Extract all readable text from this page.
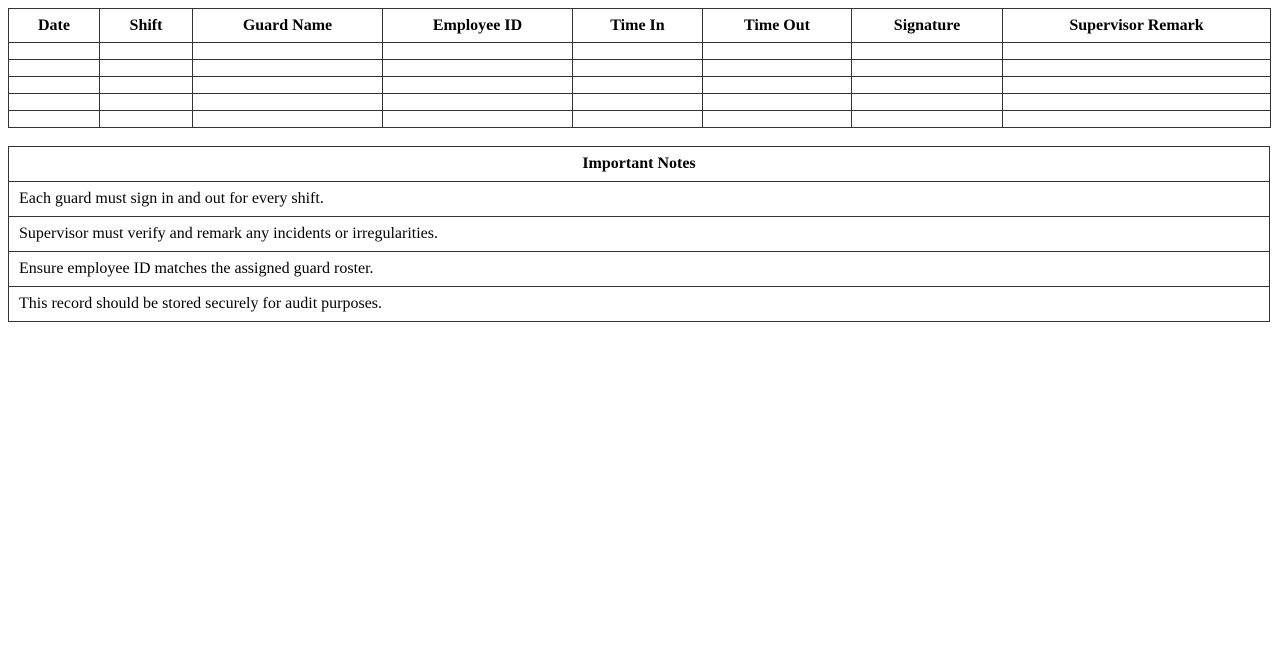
Date	Shift	Guard Name	Employee ID	Time In	Time Out	Signature	Supervisor Remark

Important Notes
Each guard must sign in and out for every shift.
Supervisor must verify and remark any incidents or irregularities.
Ensure employee ID matches the assigned guard roster.
This record should be stored securely for audit purposes.
